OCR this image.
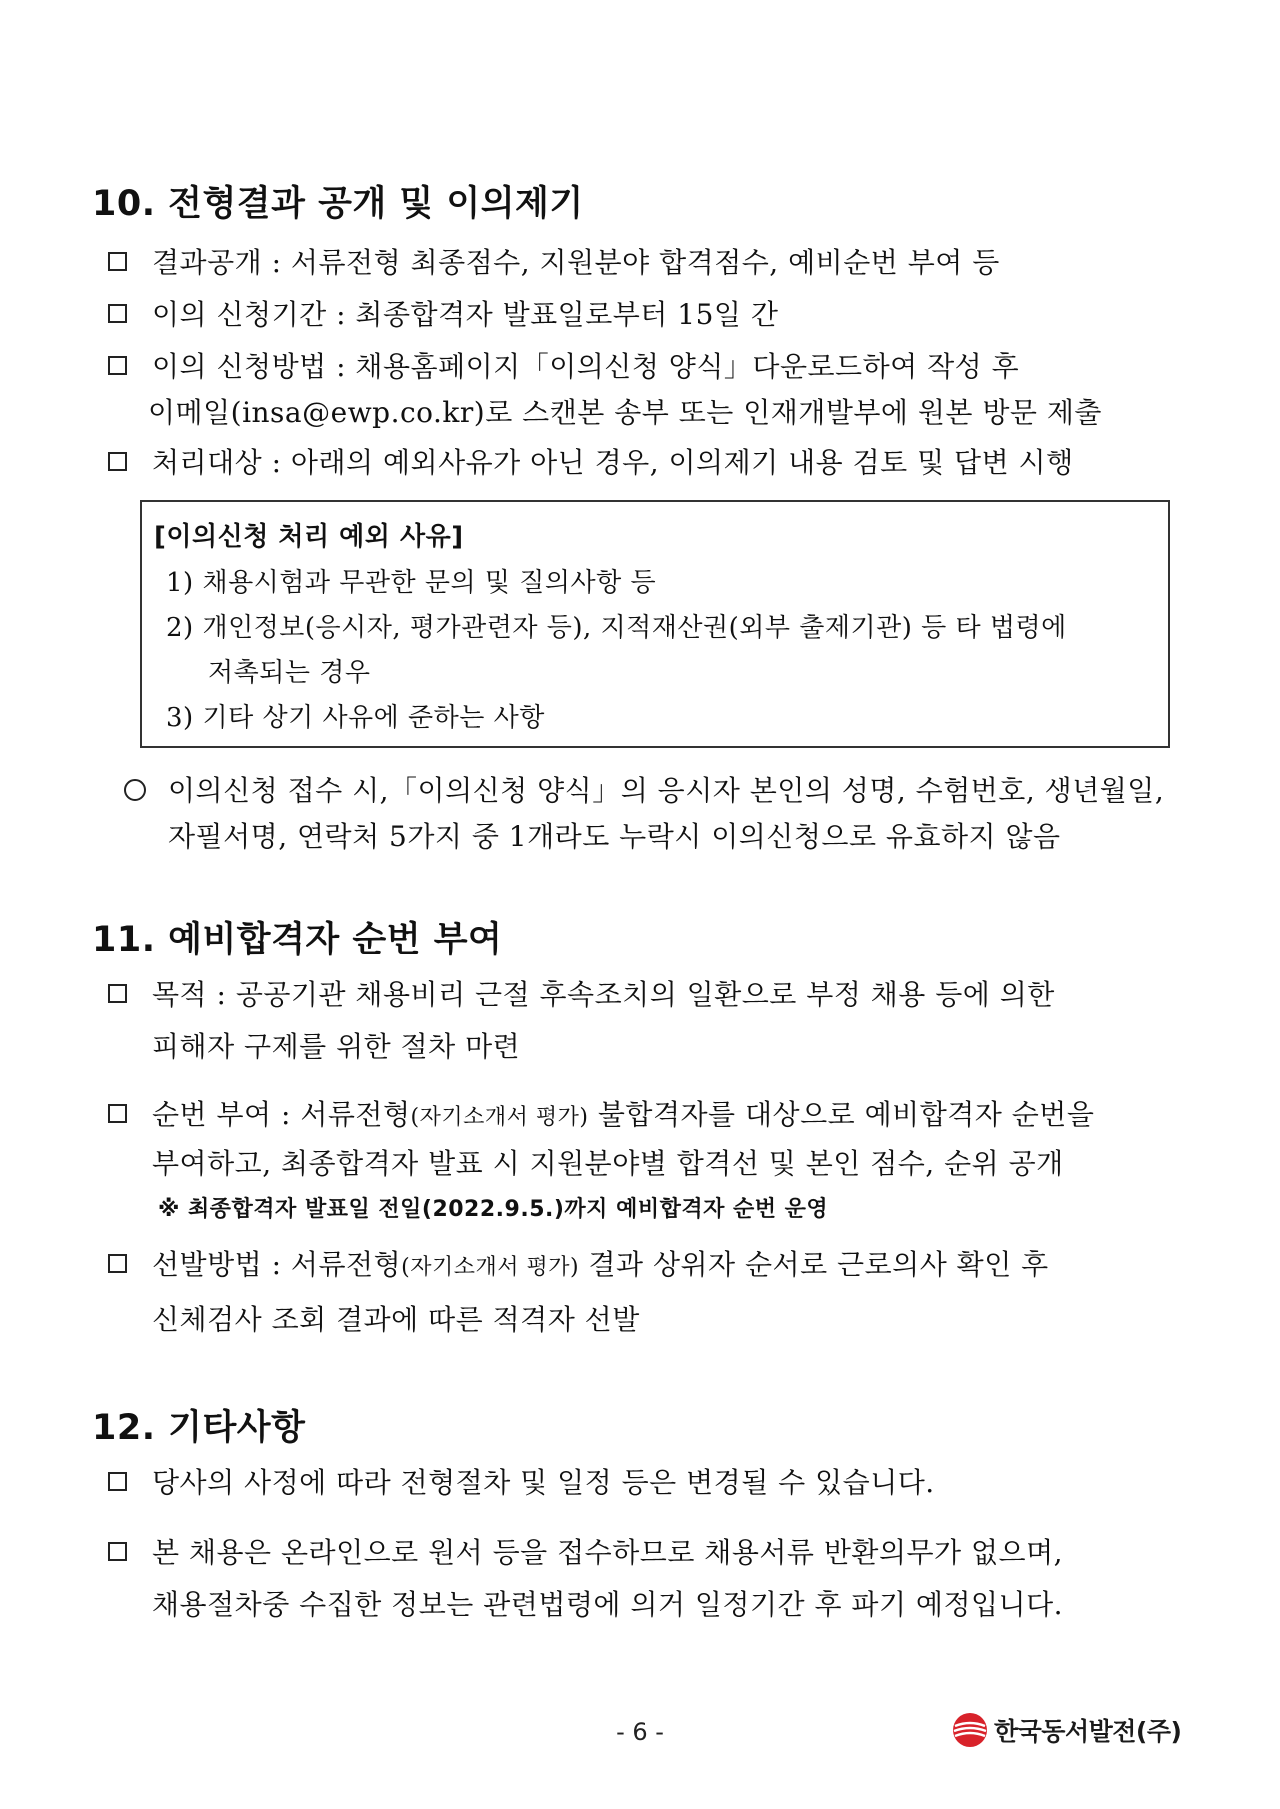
10. 전형결과 공개 및 이의제기
결과공개 : 서류전형 최종점수, 지원분야 합격점수, 예비순번 부여 등
이의 신청기간 : 최종합격자 발표일로부터 15일 간
이의 신청방법 : 채용홈페이지「이의신청 양식」다운로드하여 작성 후
이메일(insa@ewp.co.kr)로 스캔본 송부 또는 인재개발부에 원본 방문 제출
처리대상 : 아래의 예외사유가 아닌 경우, 이의제기 내용 검토 및 답변 시행
[이의신청 처리 예외 사유]
1) 채용시험과 무관한 문의 및 질의사항 등
2) 개인정보(응시자, 평가관련자 등), 지적재산권(외부 출제기관) 등 타 법령에
저촉되는 경우
3) 기타 상기 사유에 준하는 사항
이의신청 접수 시,「이의신청 양식」의 응시자 본인의 성명, 수험번호, 생년월일,
자필서명, 연락처 5가지 중 1개라도 누락시 이의신청으로 유효하지 않음
11. 예비합격자 순번 부여
목적 : 공공기관 채용비리 근절 후속조치의 일환으로 부정 채용 등에 의한
피해자 구제를 위한 절차 마련
순번 부여 : 서류전형(자기소개서 평가) 불합격자를 대상으로 예비합격자 순번을
부여하고, 최종합격자 발표 시 지원분야별 합격선 및 본인 점수, 순위 공개
※ 최종합격자 발표일 전일(2022.9.5.)까지 예비합격자 순번 운영
선발방법 : 서류전형(자기소개서 평가) 결과 상위자 순서로 근로의사 확인 후
신체검사 조회 결과에 따른 적격자 선발
12. 기타사항
당사의 사정에 따라 전형절차 및 일정 등은 변경될 수 있습니다.
본 채용은 온라인으로 원서 등을 접수하므로 채용서류 반환의무가 없으며,
채용절차중 수집한 정보는 관련법령에 의거 일정기간 후 파기 예정입니다.
- 6 -	한국동서발전(주)
